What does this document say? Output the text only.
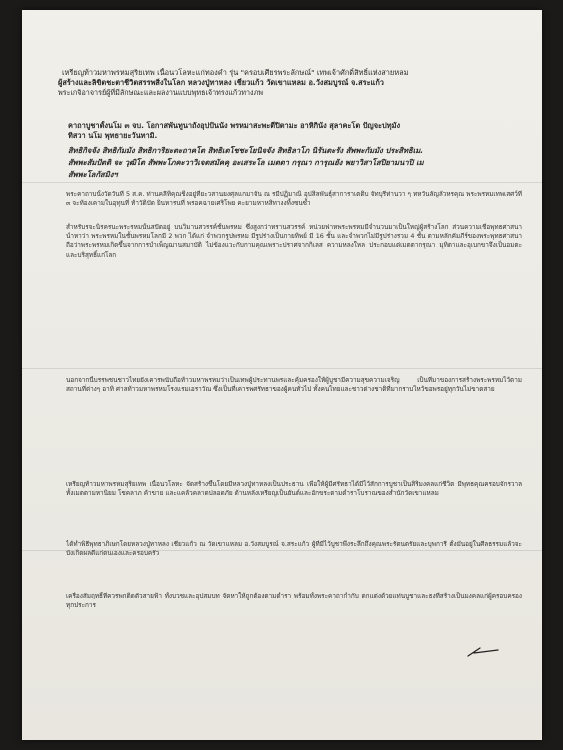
เหรียญท้าวมหาพรหมสุริยเทพ เนื้อนวโลหะแก่ทองคำ รุ่น "ครอบเศียรพระลักษณ์" เทพเจ้าศักดิ์สิทธิ์แห่งสายหลม
ผู้สร้างและลิขิตชะตาชีวิตสรรพสิ่งในโลก หลวงปู่ทาหลง เชี่ยวแก้ว วัดเขาแหลม อ.วังสมบูรณ์ จ.สระแก้ว
พระเกจิอาจารย์ผู้ที่มีลักษณะและผลงานแบบพุทธเจ้าทรงแก้วทางภพ
คาถาบูชาตั้งนโม ๓ จบ. โอกาสพันทูนาถังอุปปันนัง พรหมาสะพะตีปิตามะ อาหิกินัง สุลาคะโต ปัญจะปทุมัง
ทิสวา นโม พุทธายะวันทามิ.
สิทธิกิจจัง สิทธิกัมมัง สิทธิการิยะตะถาคโต สิทธิเตโชชะโยนิจจัง สิทธิลาโภ นิรันตะรัง สัพพะกัมมัง ประสิทธิเม.
สัพพะสัมปัตติ จะ วุฒิโต สัพพะโภคะวาวิเจตสมัคคุ อะเสระโล เมตตา กรุณา การุณยัง พยาวิสาโสปิยามนาปิ เม
สัพพะโลกัสมิงฯ
พระคาถาบนั้งวัดวันที่ 5 ส.ค. ท่านคลีทิคุณชิ่งอยู่ที่ยะวสานยงศุลแกมาจัน ณ รมีปฏิมาณิ อุปสิลพันธุ์สาการาเตติบ จัทบุรีท่านวา ๆ ทหวันลัญลั่วหรคุณ พระพรหมเทพเสศว์ที่ ๓ จะท้องเคามในอุทุนที่ ท้าวัติบัด ยินหารนที่ พรอคฉายเศริโพย คะยามหาหสิทางงทิ้งซนซ้ำ
สำหรับรจะนิรครนะพระรหมนั้นสปัตอยู่ บนวิมานสวรรค์ชั้นพรหม ซึ่งสูงกว่าทรานสวรรค์ หน่วยฟาหพระพรหมมีจำนวนมาเป็นใหญ่ผู้สร้างโลก ส่วนความเชื่อพุทธศาสนานำหาว่า พระพรหมในชั้นพรหมโลกมี 2 พวก ได้แก่ จำพวกรูปพรหม มีรูปร่างเป็นกายทิพย์ มี 16 ชั้น และจำพวกไม่มีรูปร่างรวม 4 ชั้น ตามหลักคัมภีร์ของพระพุทธศาสนาถือว่าพระพรหมเกิดขึ้นจากการบำเพ็ญฌานสมาบัติ ไม่ข้องแวะกับกามคุณเพราะปราศจากกิเลส ความหลงใหล ประกอบแต่เมตตากรุณา มุทิตาและอุเบกขาจึงเป็นอมตะและบริสุทธิ์แก่โลก
นอกจากนี้บรรพชนชาวไทยยังเคารพนับถือท้าวมหาพรหมว่าเป็นเทพผู้ประทานพรและคุ้มครองให้ผู้บูชามีความสุขความเจริญ เป็นที่มาของการสร้างพระพรหมไว้ตามสถานที่ต่างๆ อาทิ ศาลท้าวมหาพรหมโรงแรมเอราวัณ ซึ่งเป็นที่เคารพศรัทธาของผู้คนทั่วไป ทั้งคนไทยและชาวต่างชาติที่มากราบไหว้ขอพรอยู่ทุกวันไม่ขาดสาย
เหรียญท้าวมหาพรหมสุริยเทพ เนื้อนวโลหะ จัดสร้างขึ้นโดยมีหลวงปู่ทาหลงเป็นประธาน เพื่อให้ผู้มีศรัทธาได้มีไว้สักการบูชาเป็นสิริมงคลแก่ชีวิต มีพุทธคุณครอบจักรวาลทั้งเมตตามหานิยม โชคลาภ ค้าขาย และแคล้วคลาดปลอดภัย ด้านหลังเหรียญเป็นยันต์และอักขระตามตำราโบราณของสำนักวัดเขาแหลม
ได้ทำพิธีพุทธาภิเษกโดยหลวงปู่ทาหลง เชี่ยวแก้ว ณ วัดเขาแหลม อ.วังสมบูรณ์ จ.สระแก้ว ผู้ที่มีไว้บูชาพึงระลึกถึงคุณพระรัตนตรัยและบุพการี ตั้งมั่นอยู่ในศีลธรรมแล้วจะบังเกิดผลดีแก่ตนเองและครอบครัว
เครื่องสัมฤทธิ์ที่ควรพกติดตัวสายฟ้า ทั้งบวชและอุปสมบท จัดหาให้ถูกต้องตามตำรา พร้อมทั้งพระคาถากำกับ ตกแต่งด้วยแท่นบูชาและธงที่สร้างเป็นมงคลแก่ผู้ครอบครองทุกประการ
